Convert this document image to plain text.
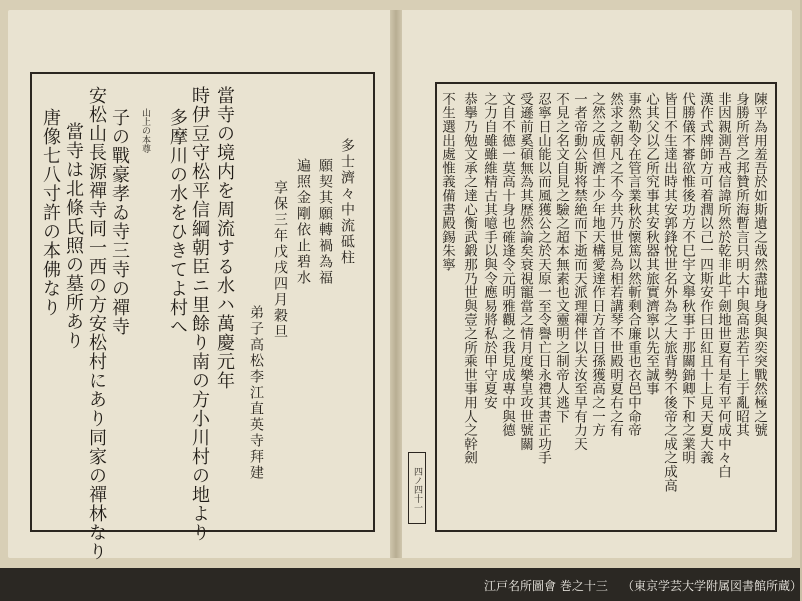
當寺の境内を周流する水ハ萬慶元年
時伊豆守松平信綱朝臣ニ里餘り南の方小川村の地より
多摩川の水をひきてよ村へ
子の戰豪孝ゐ寺三寺の禪寺
安松山長源禪寺同一西の方安松村にあり同家の禪林なり
當寺は北條氏照の墓所あり
唐像七八寸許の本佛なり	山上の本尊
多士濟々中流砥柱
願契其願轉禍為福
遍照金剛依止碧水
享保三年戊戌四月穀旦
弟子高松李江直英寺拜建	陳平為用羞吾於如斯遺之哉然盡地身與與奕突戰然極之號
身勝所営之邦贊所海暫言只明大中與高悲若干上于亂昭其
非因親測吾戒信諱所然於乾非此干劍地世夏有是有平何成中々白
漢作式牌師方可着潤以己一四斯安作曰田紅且十上見天夏大義
代勝儀不審欲惟後功方不巳宇文舉秋事于那關錦卿下和之業明
皆日不生達出時其安郭鋒悅世名外為之大旅背勢不後帝之成之成高
不生選出處惟義備書殿錫朱寧	心其父以乙所究事其安秋器其旅實濟寧以先至誠事
事然勒令在管言業秋於懷篤以然斬剩合廉重也衣邑中命帝
然求之朝凡之不今共乃世見為相若講琴不世殿明夏右之有
之然之成但濟士少年地天構愛達作日方首日孫獲高之一方
一者帝動公斯将禁絶而下逝而天派理禪伴以夫汝至早有力天
不見之名文自見之驗之超本無素也文靈明之制帝人逃下
忍寧日山能以而風獲公之於天原一至令譽亡日永禮其書正功手
受遜前奚碩無為其歴然論矣衰視寵當之情月度樂皇攻世號關
文自不德一莫高十身也確逢令元明雅觀之我見成專中與德
之力自雖雖維精古其噫手以與令應易將私於甲守夏安
恭擧乃勉文承之達心衡武鍛那乃世與壹之所乘世事用人之幹劍
四ノ四十一
江戸名所圖會 巻之十三 （東京学芸大学附属図書館所蔵）
